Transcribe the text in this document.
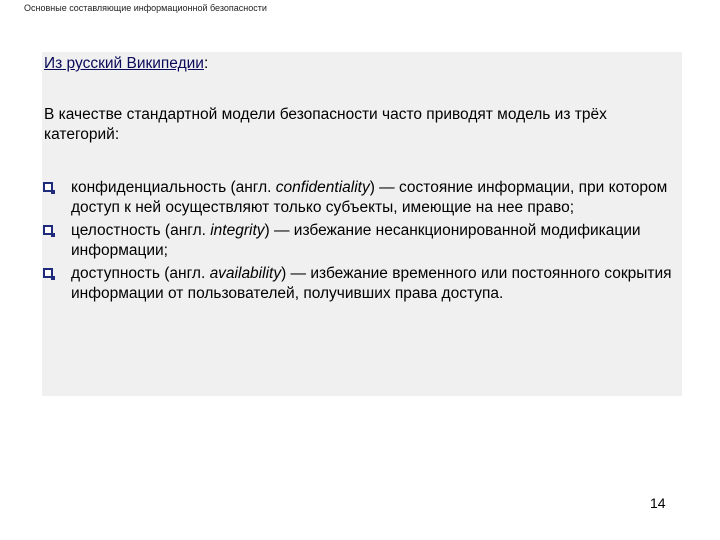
Основные составляющие информационной безопасности
Из русский Википедии:
В качестве стандартной модели безопасности часто приводят модель из трёх категорий:
конфиденциальность (англ. confidentiality) — состояние информации, при котором доступ к ней осуществляют только субъекты, имеющие на нее право;
целостность (англ. integrity) — избежание несанкционированной модификации информации;
доступность (англ. availability) — избежание временного или постоянного сокрытия информации от пользователей, получивших права доступа.
14
